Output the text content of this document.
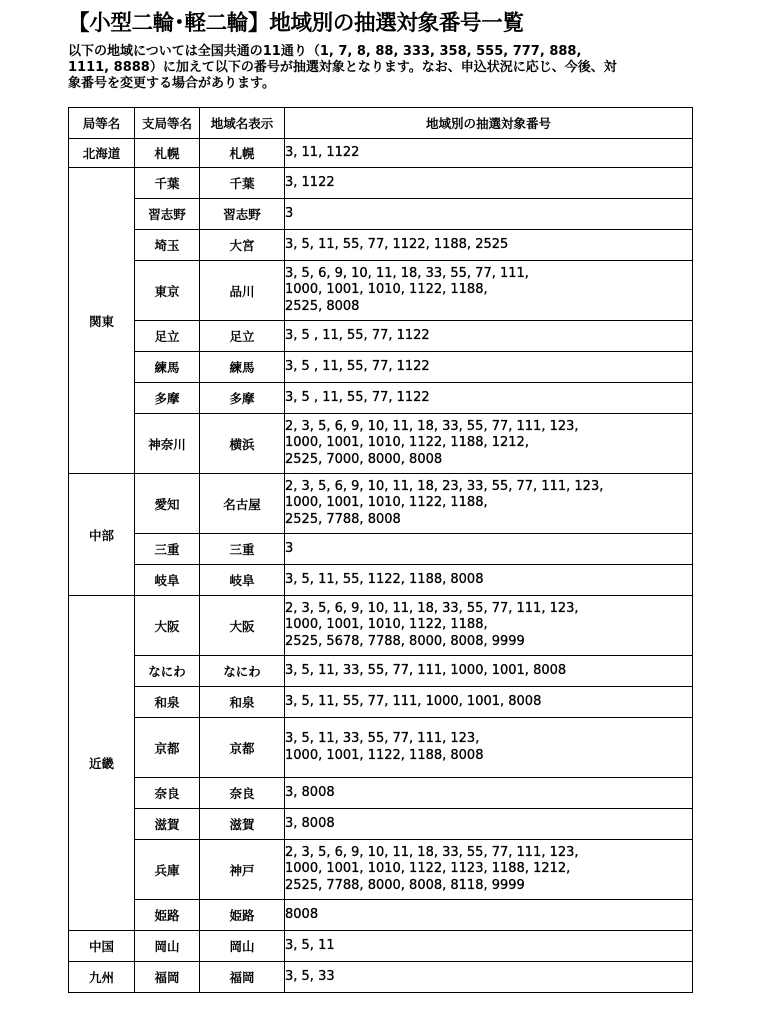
【小型二輪･軽二輪】地域別の抽選対象番号一覧
以下の地域については全国共通の11通り（1, 7, 8, 88, 333, 358, 555, 777, 888,
1111, 8888）に加えて以下の番号が抽選対象となります。なお、申込状況に応じ、今後、対
象番号を変更する場合があります。
局等名	支局等名	地域名表示	地域別の抽選対象番号
北海道	札幌	札幌	3, 11, 1122

関東	千葉	千葉	3, 1122

	習志野	習志野	3

	埼玉	大宮	3, 5, 11, 55, 77, 1122, 1188, 2525

	東京	品川	3, 5, 6, 9, 10, 11, 18, 33, 55, 77, 111,
1000, 1001, 1010, 1122, 1188,
2525, 8008

	足立	足立	3, 5 , 11, 55, 77, 1122

	練馬	練馬	3, 5 , 11, 55, 77, 1122

	多摩	多摩	3, 5 , 11, 55, 77, 1122

	神奈川	横浜	2, 3, 5, 6, 9, 10, 11, 18, 33, 55, 77, 111, 123,
1000, 1001, 1010, 1122, 1188, 1212,
2525, 7000, 8000, 8008

中部	愛知	名古屋	2, 3, 5, 6, 9, 10, 11, 18, 23, 33, 55, 77, 111, 123,
1000, 1001, 1010, 1122, 1188,
2525, 7788, 8008

	三重	三重	3

	岐阜	岐阜	3, 5, 11, 55, 1122, 1188, 8008

近畿	大阪	大阪	2, 3, 5, 6, 9, 10, 11, 18, 33, 55, 77, 111, 123,
1000, 1001, 1010, 1122, 1188,
2525, 5678, 7788, 8000, 8008, 9999

	なにわ	なにわ	3, 5, 11, 33, 55, 77, 111, 1000, 1001, 8008

	和泉	和泉	3, 5, 11, 55, 77, 111, 1000, 1001, 8008

	京都	京都	3, 5, 11, 33, 55, 77, 111, 123,
1000, 1001, 1122, 1188, 8008

	奈良	奈良	3, 8008

	滋賀	滋賀	3, 8008

	兵庫	神戸	2, 3, 5, 6, 9, 10, 11, 18, 33, 55, 77, 111, 123,
1000, 1001, 1010, 1122, 1123, 1188, 1212,
2525, 7788, 8000, 8008, 8118, 9999

	姫路	姫路	8008

中国	岡山	岡山	3, 5, 11

九州	福岡	福岡	3, 5, 33
